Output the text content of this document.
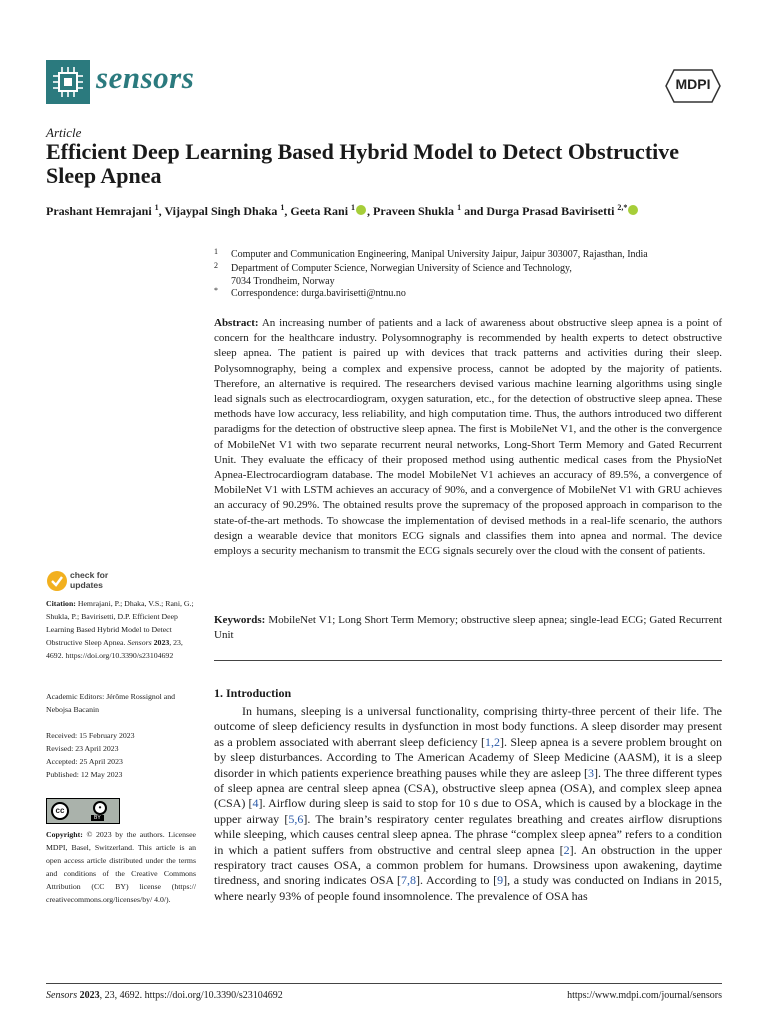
sensors	MDPI
Article
Efficient Deep Learning Based Hybrid Model to Detect Obstructive Sleep Apnea
Prashant Hemrajani $^1$, Vijaypal Singh Dhaka $^1$, Geeta Rani $^1$ , Praveen Shukla $^1$ and Durga Prasad Bavirisetti $^{2,*}$
1 Computer and Communication Engineering, Manipal University Jaipur, Jaipur 303007, Rajasthan, India
2 Department of Computer Science, Norwegian University of Science and Technology,
7034 Trondheim, Norway
* Correspondence: durga.bavirisetti@ntnu.no
Abstract: An increasing number of patients and a lack of awareness about obstructive sleep apnea is a point of concern for the healthcare industry. Polysomnography is recommended by health experts to detect obstructive sleep apnea. The patient is paired up with devices that track patterns and activities during their sleep. Polysomnography, being a complex and expensive process, cannot be adopted by the majority of patients. Therefore, an alternative is required. The researchers devised various machine learning algorithms using single lead signals such as electrocardiogram, oxygen saturation, etc., for the detection of obstructive sleep apnea. These methods have low accuracy, less reliability, and high computation time. Thus, the authors introduced two different paradigms for the detection of obstructive sleep apnea. The first is MobileNet V1, and the other is the convergence of MobileNet V1 with two separate recurrent neural networks, Long-Short Term Memory and Gated Recurrent Unit. They evaluate the efficacy of their proposed method using authentic medical cases from the PhysioNet Apnea-Electrocardiogram database. The model MobileNet V1 achieves an accuracy of 89.5%, a convergence of MobileNet V1 with LSTM achieves an accuracy of 90%, and a convergence of MobileNet V1 with GRU achieves an accuracy of 90.29%. The obtained results prove the supremacy of the proposed approach in comparison to the state-of-the-art methods. To showcase the implementation of devised methods in a real-life scenario, the authors design a wearable device that monitors ECG signals and classifies them into apnea and normal. The device employs a security mechanism to transmit the ECG signals securely over the cloud with the consent of patients.
Keywords: MobileNet V1; Long Short Term Memory; obstructive sleep apnea; single-lead ECG; Gated Recurrent Unit
check for
updates
Citation: Hemrajani, P.; Dhaka, V.S.; Rani, G.; Shukla, P.; Bavirisetti, D.P. Efficient Deep Learning Based Hybrid Model to Detect Obstructive Sleep Apnea. Sensors 2023, 23, 4692. https://doi.org/10.3390/s23104692
Academic Editors: Jérôme Rossignol and Nebojsa Bacanin
Received: 15 February 2023
Revised: 23 April 2023
Accepted: 25 April 2023
Published: 12 May 2023
cc	•
BY
Copyright: © 2023 by the authors. Licensee MDPI, Basel, Switzerland. This article is an open access article distributed under the terms and conditions of the Creative Commons Attribution (CC BY) license (https:// creativecommons.org/licenses/by/ 4.0/).
1. Introduction
In humans, sleeping is a universal functionality, comprising thirty-three percent of their life. The outcome of sleep deficiency results in dysfunction in most body functions. A sleep disorder may present as a problem associated with aberrant sleep deficiency [1,2]. Sleep apnea is a severe problem brought on by sleep disturbances. According to The American Academy of Sleep Medicine (AASM), it is a sleep disorder in which patients experience breathing pauses while they are asleep [3]. The three different types of sleep apnea are central sleep apnea (CSA), obstructive sleep apnea (OSA), and complex sleep apnea (CSA) [4]. Airflow during sleep is said to stop for 10 s due to OSA, which is caused by a blockage in the upper airway [5,6]. The brain’s respiratory center regulates breathing and creates airflow disruptions while sleeping, which causes central sleep apnea. The phrase “complex sleep apnea” refers to a condition in which a patient suffers from obstructive and central sleep apnea [2]. An obstruction in the upper respiratory tract causes OSA, a common problem for humans. Drowsiness upon awakening, daytime tiredness, and snoring indicates OSA [7,8]. According to [9], a study was conducted on Indians in 2015, where nearly 93% of people found insomnolence. The prevalence of OSA has
Sensors 2023, 23, 4692. https://doi.org/10.3390/s23104692	https://www.mdpi.com/journal/sensors
